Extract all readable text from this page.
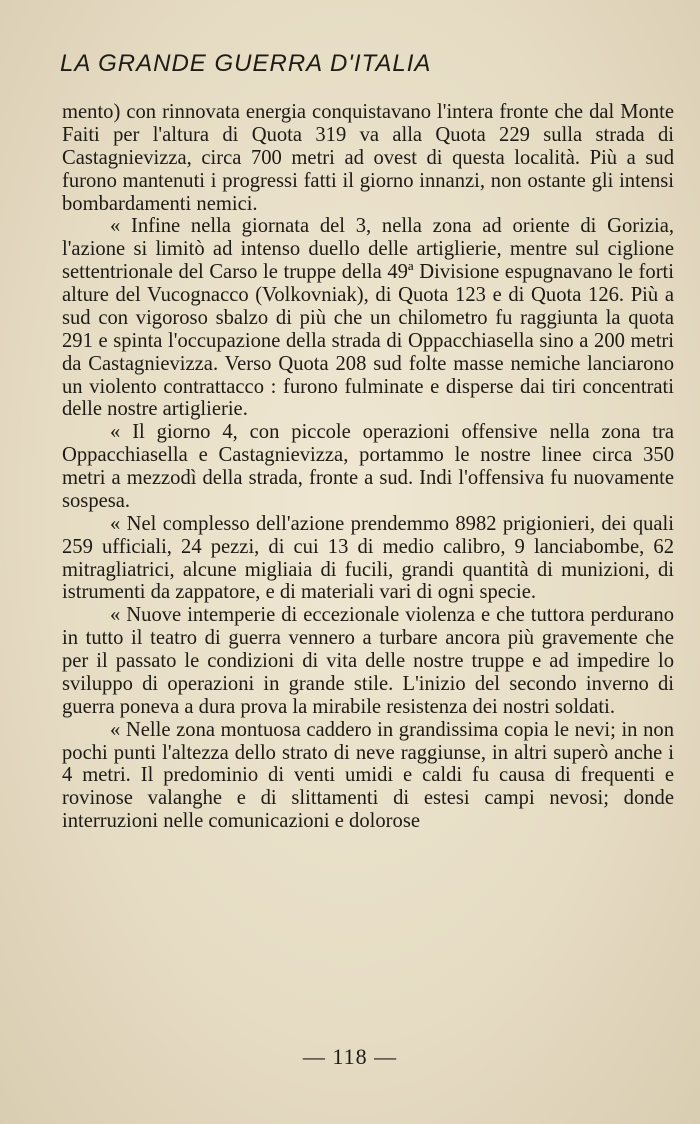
LA GRANDE GUERRA D'ITALIA

mento) con rinnovata energia conquistavano l'intera fronte che dal Monte Faiti per l'altura di Quota 319 va alla Quota 229 sulla strada di Castagnievizza, circa 700 metri ad ovest di questa località. Più a sud furono mantenuti i progressi fatti il giorno innanzi, non ostante gli intensi bombardamenti nemici.

« Infine nella giornata del 3, nella zona ad oriente di Gorizia, l'azione si limitò ad intenso duello delle artiglierie, mentre sul ciglione settentrionale del Carso le truppe della 49ª Divisione espugnavano le forti alture del Vucognacco (Volkovniak), di Quota 123 e di Quota 126. Più a sud con vigoroso sbalzo di più che un chilometro fu raggiunta la quota 291 e spinta l'occupazione della strada di Oppacchiasella sino a 200 metri da Castagnievizza. Verso Quota 208 sud folte masse nemiche lanciarono un violento contrattacco : furono fulminate e disperse dai tiri concentrati delle nostre artiglierie.

« Il giorno 4, con piccole operazioni offensive nella zona tra Oppacchiasella e Castagnievizza, portammo le nostre linee circa 350 metri a mezzodì della strada, fronte a sud. Indi l'offensiva fu nuovamente sospesa.

« Nel complesso dell'azione prendemmo 8982 prigionieri, dei quali 259 ufficiali, 24 pezzi, di cui 13 di medio calibro, 9 lanciabombe, 62 mitragliatrici, alcune migliaia di fucili, grandi quantità di munizioni, di istrumenti da zappatore, e di materiali vari di ogni specie.

« Nuove intemperie di eccezionale violenza e che tuttora perdurano in tutto il teatro di guerra vennero a turbare ancora più gravemente che per il passato le condizioni di vita delle nostre truppe e ad impedire lo sviluppo di operazioni in grande stile. L'inizio del secondo inverno di guerra poneva a dura prova la mirabile resistenza dei nostri soldati.

« Nelle zona montuosa caddero in grandissima copia le nevi; in non pochi punti l'altezza dello strato di neve raggiunse, in altri superò anche i 4 metri. Il predominio di venti umidi e caldi fu causa di frequenti e rovinose valanghe e di slittamenti di estesi campi nevosi; donde interruzioni nelle comunicazioni e dolorose

— 118 —
